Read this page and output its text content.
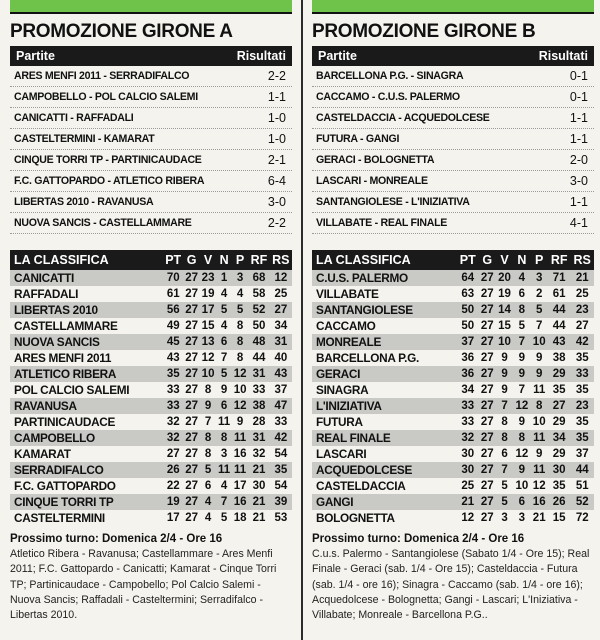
PROMOZIONE GIRONE A
Partite	Risultati
ARES MENFI 2011 - SERRADIFALCO	2-2
CAMPOBELLO - POL CALCIO SALEMI	1-1
CANICATTI - RAFFADALI	1-0
CASTELTERMINI - KAMARAT	1-0
CINQUE TORRI TP - PARTINICAUDACE	2-1
F.C. GATTOPARDO - ATLETICO RIBERA	6-4
LIBERTAS 2010 - RAVANUSA	3-0
NUOVA SANCIS - CASTELLAMMARE	2-2
LA CLASSIFICA	PT	G	V	N	P	RF	RS
CANICATTI	70	27	23	1	3	68	12
RAFFADALI	61	27	19	4	4	58	25
LIBERTAS 2010	56	27	17	5	5	52	27
CASTELLAMMARE	49	27	15	4	8	50	34
NUOVA SANCIS	45	27	13	6	8	48	31
ARES MENFI 2011	43	27	12	7	8	44	40
ATLETICO RIBERA	35	27	10	5	12	31	43
POL CALCIO SALEMI	33	27	8	9	10	33	37
RAVANUSA	33	27	9	6	12	38	47
PARTINICAUDACE	32	27	7	11	9	28	33
CAMPOBELLO	32	27	8	8	11	31	42
KAMARAT	27	27	8	3	16	32	54
SERRADIFALCO	26	27	5	11	11	21	35
F.C. GATTOPARDO	22	27	6	4	17	30	54
CINQUE TORRI TP	19	27	4	7	16	21	39
CASTELTERMINI	17	27	4	5	18	21	53
Prossimo turno: Domenica 2/4 - Ore 16
Atletico Ribera - Ravanusa; Castellammare - Ares Menfi 2011; F.C. Gattopardo - Canicatti; Kamarat - Cinque Torri TP; Partinicaudace - Campobello; Pol Calcio Salemi - Nuova Sancis; Raffadali - Casteltermini; Serradifalco - Libertas 2010.
PROMOZIONE GIRONE B
Partite	Risultati
BARCELLONA P.G. - SINAGRA	0-1
CACCAMO - C.U.S. PALERMO	0-1
CASTELDACCIA - ACQUEDOLCESE	1-1
FUTURA - GANGI	1-1
GERACI - BOLOGNETTA	2-0
LASCARI - MONREALE	3-0
SANTANGIOLESE - L'INIZIATIVA	1-1
VILLABATE - REAL FINALE	4-1
LA CLASSIFICA	PT	G	V	N	P	RF	RS
C.U.S. PALERMO	64	27	20	4	3	71	21
VILLABATE	63	27	19	6	2	61	25
SANTANGIOLESE	50	27	14	8	5	44	23
CACCAMO	50	27	15	5	7	44	27
MONREALE	37	27	10	7	10	43	42
BARCELLONA P.G.	36	27	9	9	9	38	35
GERACI	36	27	9	9	9	29	33
SINAGRA	34	27	9	7	11	35	35
L'INIZIATIVA	33	27	7	12	8	27	23
FUTURA	33	27	8	9	10	29	35
REAL FINALE	32	27	8	8	11	34	35
LASCARI	30	27	6	12	9	29	37
ACQUEDOLCESE	30	27	7	9	11	30	44
CASTELDACCIA	25	27	5	10	12	35	51
GANGI	21	27	5	6	16	26	52
BOLOGNETTA	12	27	3	3	21	15	72
Prossimo turno: Domenica 2/4 - Ore 16
C.u.s. Palermo - Santangiolese (Sabato 1/4 - Ore 15); Real Finale - Geraci (sab. 1/4 - Ore 15); Casteldaccia - Futura (sab. 1/4 - ore 16); Sinagra - Caccamo (sab. 1/4 - ore 16); Acquedolcese - Bolognetta; Gangi - Lascari; L'Iniziativa - Villabate; Monreale - Barcellona P.G..
